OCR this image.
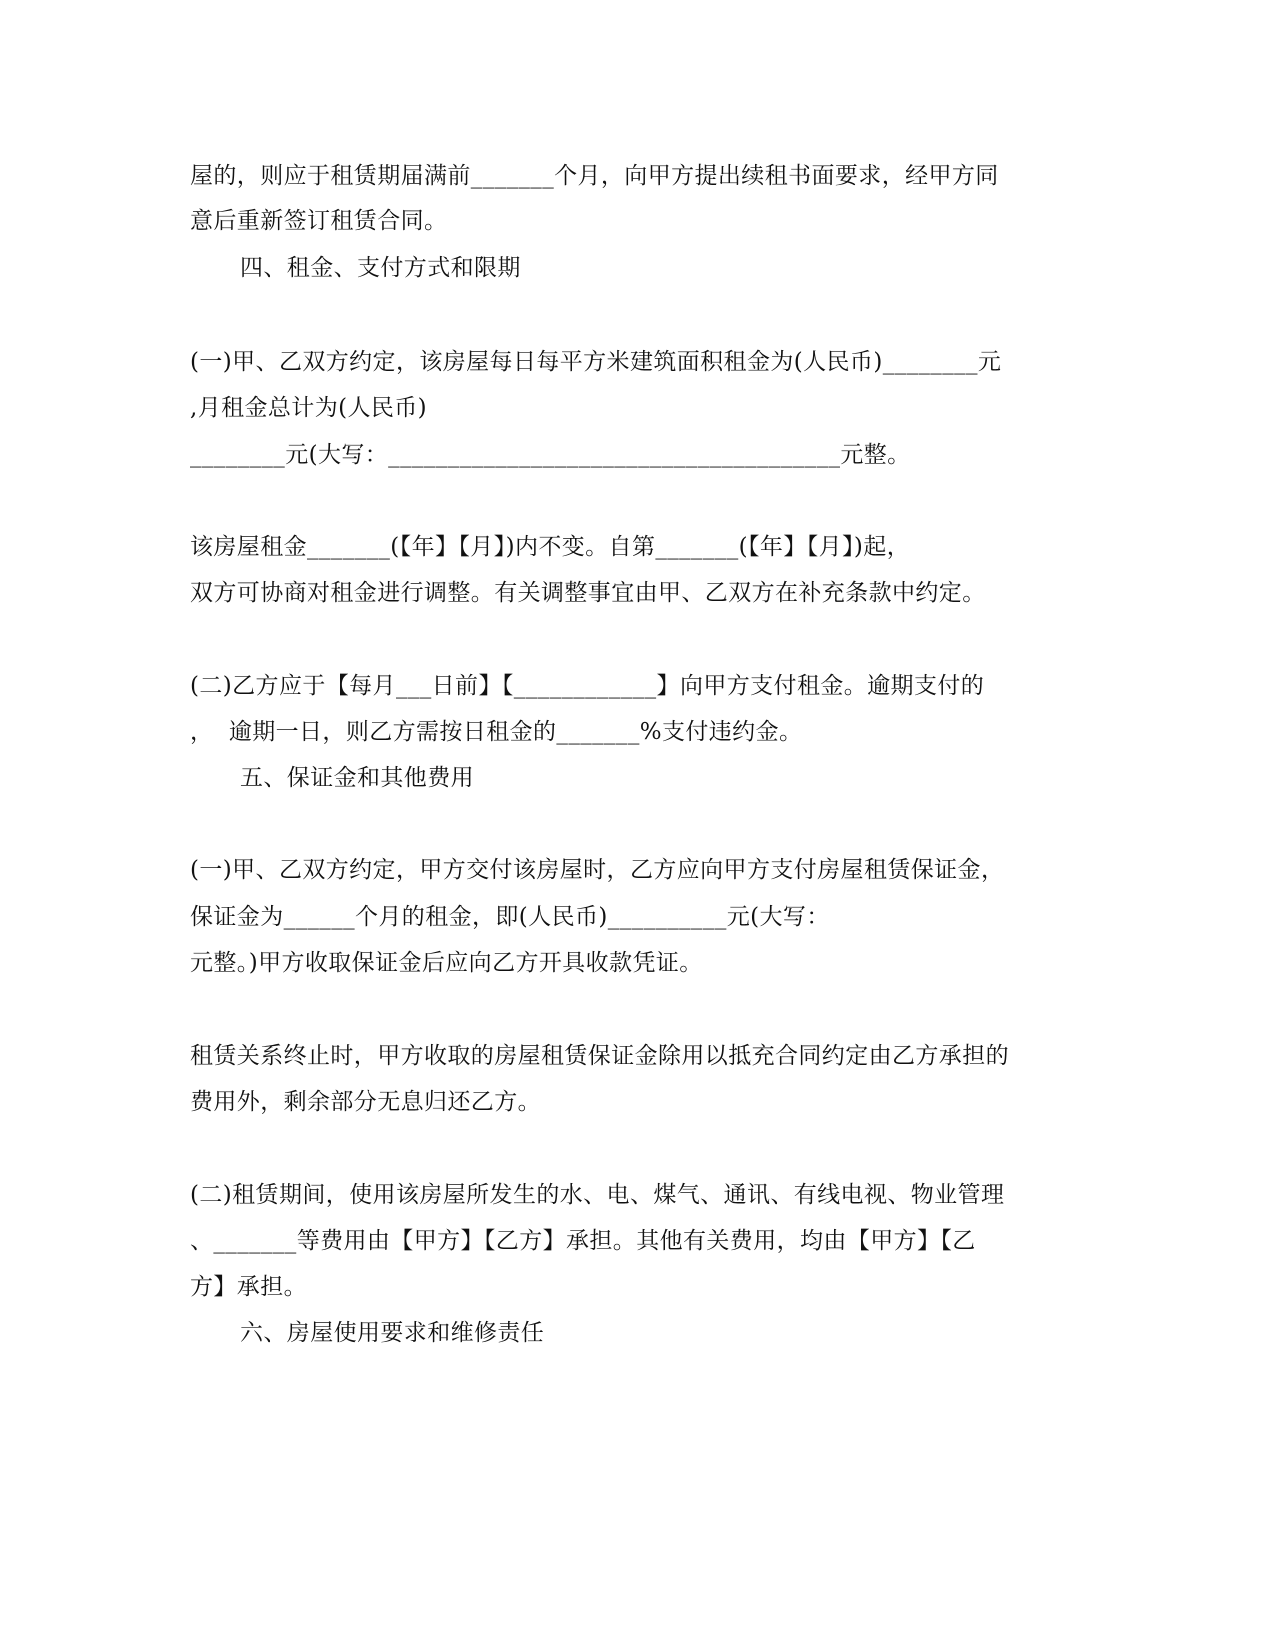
屋的，则应于租赁期届满前_______个月，向甲方提出续租书面要求，经甲方同
意后重新签订租赁合同。
四、租金、支付方式和限期
(一)甲、乙双方约定，该房屋每日每平方米建筑面积租金为(人民币)________元
,月租金总计为(人民币)
________元(大写：______________________________________元整。
该房屋租金_______(【年】【月】)内不变。自第_______(【年】【月】)起，
双方可协商对租金进行调整。有关调整事宜由甲、乙双方在补充条款中约定。
(二)乙方应于【每月___日前】【____________】向甲方支付租金。逾期支付的
，  逾期一日，则乙方需按日租金的_______%支付违约金。
五、保证金和其他费用
(一)甲、乙双方约定，甲方交付该房屋时，乙方应向甲方支付房屋租赁保证金，
保证金为______个月的租金，即(人民币)__________元(大写：
元整。)甲方收取保证金后应向乙方开具收款凭证。
租赁关系终止时，甲方收取的房屋租赁保证金除用以抵充合同约定由乙方承担的
费用外，剩余部分无息归还乙方。
(二)租赁期间，使用该房屋所发生的水、电、煤气、通讯、有线电视、物业管理
、_______等费用由【甲方】【乙方】承担。其他有关费用，均由【甲方】【乙
方】承担。
六、房屋使用要求和维修责任
